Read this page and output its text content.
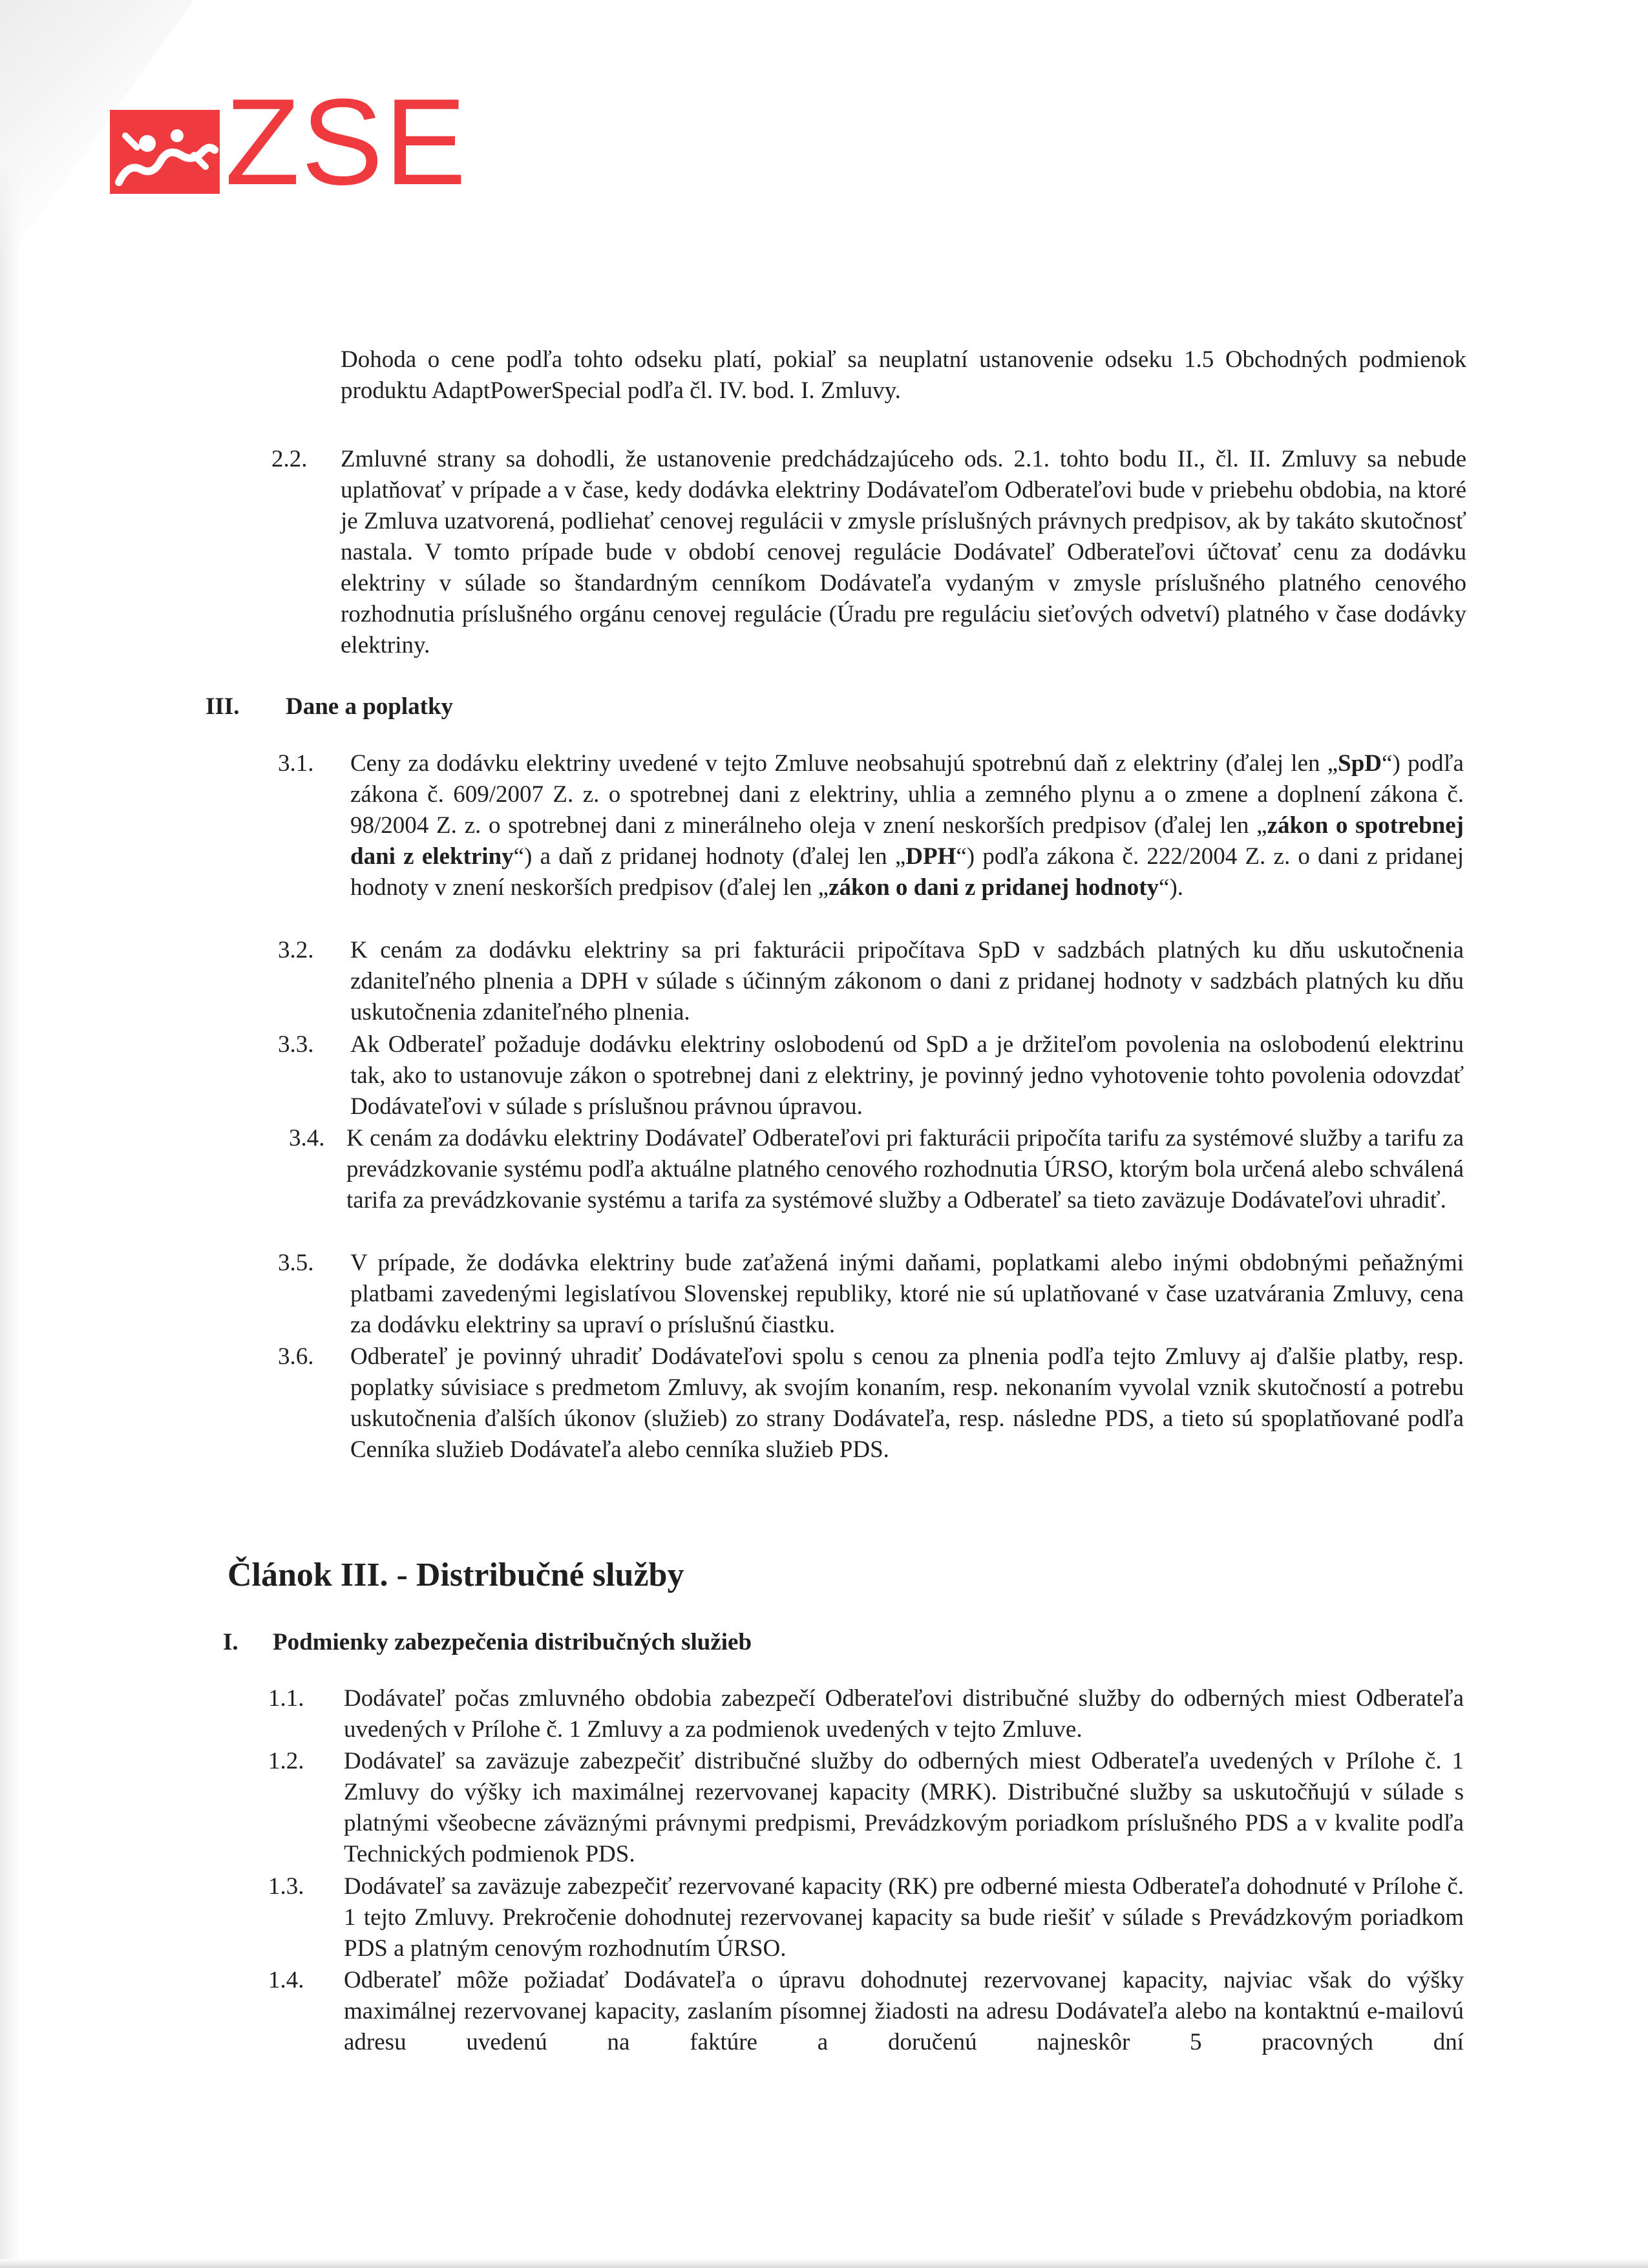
ZSE
Dohoda o cene podľa tohto odseku platí, pokiaľ sa neuplatní ustanovenie odseku 1.5 Obchodných podmienok produktu AdaptPowerSpecial podľa čl. IV. bod. I. Zmluvy.
2.2. Zmluvné strany sa dohodli, že ustanovenie predchádzajúceho ods. 2.1. tohto bodu II., čl. II. Zmluvy sa nebude uplatňovať v prípade a v čase, kedy dodávka elektriny Dodávateľom Odberateľovi bude v priebehu obdobia, na ktoré je Zmluva uzatvorená, podliehať cenovej regulácii v zmysle príslušných právnych predpisov, ak by takáto skutočnosť nastala. V tomto prípade bude v období cenovej regulácie Dodávateľ Odberateľovi účtovať cenu za dodávku elektriny v súlade so štandardným cenníkom Dodávateľa vydaným v zmysle príslušného platného cenového rozhodnutia príslušného orgánu cenovej regulácie (Úradu pre reguláciu sieťových odvetví) platného v čase dodávky elektriny.
III. Dane a poplatky
3.1. Ceny za dodávku elektriny uvedené v tejto Zmluve neobsahujú spotrebnú daň z elektriny (ďalej len „SpD“) podľa zákona č. 609/2007 Z. z. o spotrebnej dani z elektriny, uhlia a zemného plynu a o zmene a doplnení zákona č. 98/2004 Z. z. o spotrebnej dani z minerálneho oleja v znení neskorších predpisov (ďalej len „zákon o spotrebnej dani z elektriny“) a daň z pridanej hodnoty (ďalej len „DPH“) podľa zákona č. 222/2004 Z. z. o dani z pridanej hodnoty v znení neskorších predpisov (ďalej len „zákon o dani z pridanej hodnoty“).
3.2. K cenám za dodávku elektriny sa pri fakturácii pripočítava SpD v sadzbách platných ku dňu uskutočnenia zdaniteľného plnenia a DPH v súlade s účinným zákonom o dani z pridanej hodnoty v sadzbách platných ku dňu uskutočnenia zdaniteľného plnenia.
3.3. Ak Odberateľ požaduje dodávku elektriny oslobodenú od SpD a je držiteľom povolenia na oslobodenú elektrinu tak, ako to ustanovuje zákon o spotrebnej dani z elektriny, je povinný jedno vyhotovenie tohto povolenia odovzdať Dodávateľovi v súlade s príslušnou právnou úpravou.
3.4. K cenám za dodávku elektriny Dodávateľ Odberateľovi pri fakturácii pripočíta tarifu za systémové služby a tarifu za prevádzkovanie systému podľa aktuálne platného cenového rozhodnutia ÚRSO, ktorým bola určená alebo schválená tarifa za prevádzkovanie systému a tarifa za systémové služby a Odberateľ sa tieto zaväzuje Dodávateľovi uhradiť.
3.5. V prípade, že dodávka elektriny bude zaťažená inými daňami, poplatkami alebo inými obdobnými peňažnými platbami zavedenými legislatívou Slovenskej republiky, ktoré nie sú uplatňované v čase uzatvárania Zmluvy, cena za dodávku elektriny sa upraví o príslušnú čiastku.
3.6. Odberateľ je povinný uhradiť Dodávateľovi spolu s cenou za plnenia podľa tejto Zmluvy aj ďalšie platby, resp. poplatky súvisiace s predmetom Zmluvy, ak svojím konaním, resp. nekonaním vyvolal vznik skutočností a potrebu uskutočnenia ďalších úkonov (služieb) zo strany Dodávateľa, resp. následne PDS, a tieto sú spoplatňované podľa Cenníka služieb Dodávateľa alebo cenníka služieb PDS.
Článok III. - Distribučné služby
I. Podmienky zabezpečenia distribučných služieb
1.1. Dodávateľ počas zmluvného obdobia zabezpečí Odberateľovi distribučné služby do odberných miest Odberateľa uvedených v Prílohe č. 1 Zmluvy a za podmienok uvedených v tejto Zmluve.
1.2. Dodávateľ sa zaväzuje zabezpečiť distribučné služby do odberných miest Odberateľa uvedených v Prílohe č. 1 Zmluvy do výšky ich maximálnej rezervovanej kapacity (MRK). Distribučné služby sa uskutočňujú v súlade s platnými všeobecne záväznými právnymi predpismi, Prevádzkovým poriadkom príslušného PDS a v kvalite podľa Technických podmienok PDS.
1.3. Dodávateľ sa zaväzuje zabezpečiť rezervované kapacity (RK) pre odberné miesta Odberateľa dohodnuté v Prílohe č. 1 tejto Zmluvy. Prekročenie dohodnutej rezervovanej kapacity sa bude riešiť v súlade s Prevádzkovým poriadkom PDS a platným cenovým rozhodnutím ÚRSO.
1.4. Odberateľ môže požiadať Dodávateľa o úpravu dohodnutej rezervovanej kapacity, najviac však do výšky maximálnej rezervovanej kapacity, zaslaním písomnej žiadosti na adresu Dodávateľa alebo na kontaktnú e-mailovú adresu uvedenú na faktúre a doručenú najneskôr 5 pracovných dní
